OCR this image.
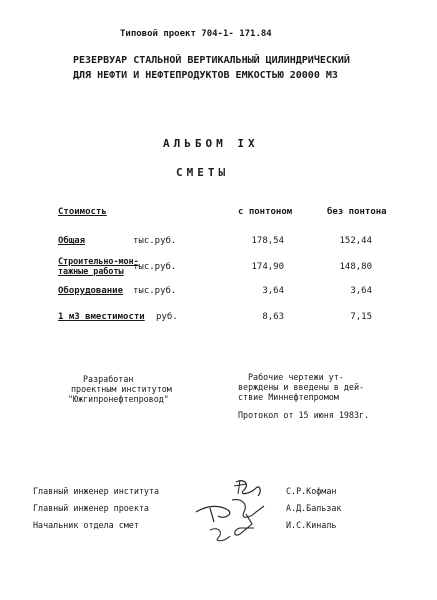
Типовой проект 704-1- 171.84
РЕЗЕРВУАР СТАЛЬНОЙ ВЕРТИКАЛЬНЫЙ ЦИЛИНДРИЧЕСКИЙ
ДЛЯ НЕФТИ И НЕФТЕПРОДУКТОВ ЕМКОСТЬЮ 20000 М3
АЛЬБОМ IX
СМЕТЫ
Стоимость	с понтоном	без понтона
Общая	тыс.руб.	178,54	152,44
Строительно-мон-
тажные работы тыс.руб.	174,90	148,80
Оборудование тыс.руб.	3,64	3,64
1 м3 вместимости руб.	8,63	7,15
Разработан
проектным институтом
"Южгипронефтепровод"
Рабочие чертежи ут-
верждены и введены в дей-
ствие Миннефтепромом
Протокол от 15 июня 1983г.
Главный инженер института	С.Р.Кофман
Главный инженер проекта	А.Д.Бальзак
Начальник отдела смет	И.С.Киналь
